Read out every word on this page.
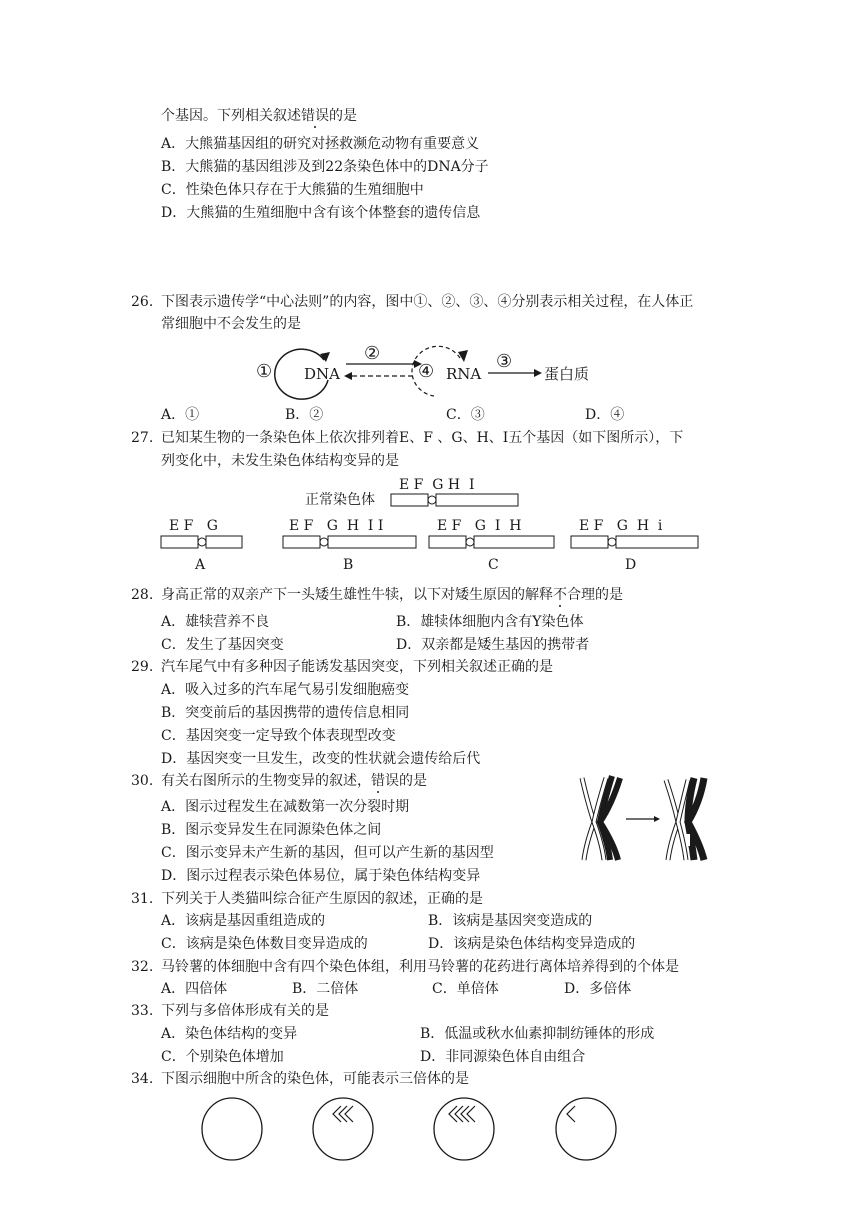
个基因。下列相关叙述错误的是
A．大熊猫基因组的研究对拯救濒危动物有重要意义
B．大熊猫的基因组涉及到22条染色体中的DNA分子
C．性染色体只存在于大熊猫的生殖细胞中
D．大熊猫的生殖细胞中含有该个体整套的遗传信息
26. 下图表示遗传学“中心法则”的内容，图中①、②、③、④分别表示相关过程，在人体正
常细胞中不会发生的是
① DNA
②
④ RNA
③
蛋白质
A．①	B．②	C．③	D．④
27. 已知某生物的一条染色体上依次排列着E、F 、G、H、I五个基因（如下图所示），下
列变化中，未发生染色体结构变异的是
正常染色体
E F  G H  I
E F   G
A
E F   G  H  I I
B
E F   G  I  H
C
E F   G  H  i
D
28. 身高正常的双亲产下一头矮生雄性牛犊，以下对矮生原因的解释不合理的是
A．雄犊营养不良	B．雄犊体细胞内含有Y染色体
C．发生了基因突变	D．双亲都是矮生基因的携带者
29. 汽车尾气中有多种因子能诱发基因突变，下列相关叙述正确的是
A．吸入过多的汽车尾气易引发细胞癌变
B．突变前后的基因携带的遗传信息相同
C．基因突变一定导致个体表现型改变
D．基因突变一旦发生，改变的性状就会遗传给后代
30. 有关右图所示的生物变异的叙述，错误的是
A．图示过程发生在减数第一次分裂时期
B．图示变异发生在同源染色体之间
C．图示变异未产生新的基因，但可以产生新的基因型
D．图示过程表示染色体易位，属于染色体结构变异
31. 下列关于人类猫叫综合征产生原因的叙述，正确的是
A．该病是基因重组造成的	B．该病是基因突变造成的
C．该病是染色体数目变异造成的	D．该病是染色体结构变异造成的
32. 马铃薯的体细胞中含有四个染色体组，利用马铃薯的花药进行离体培养得到的个体是
A．四倍体	B．二倍体	C．单倍体	D．多倍体
33. 下列与多倍体形成有关的是
A．染色体结构的变异	B．低温或秋水仙素抑制纺锤体的形成
C．个别染色体增加	D．非同源染色体自由组合
34. 下图示细胞中所含的染色体，可能表示三倍体的是
